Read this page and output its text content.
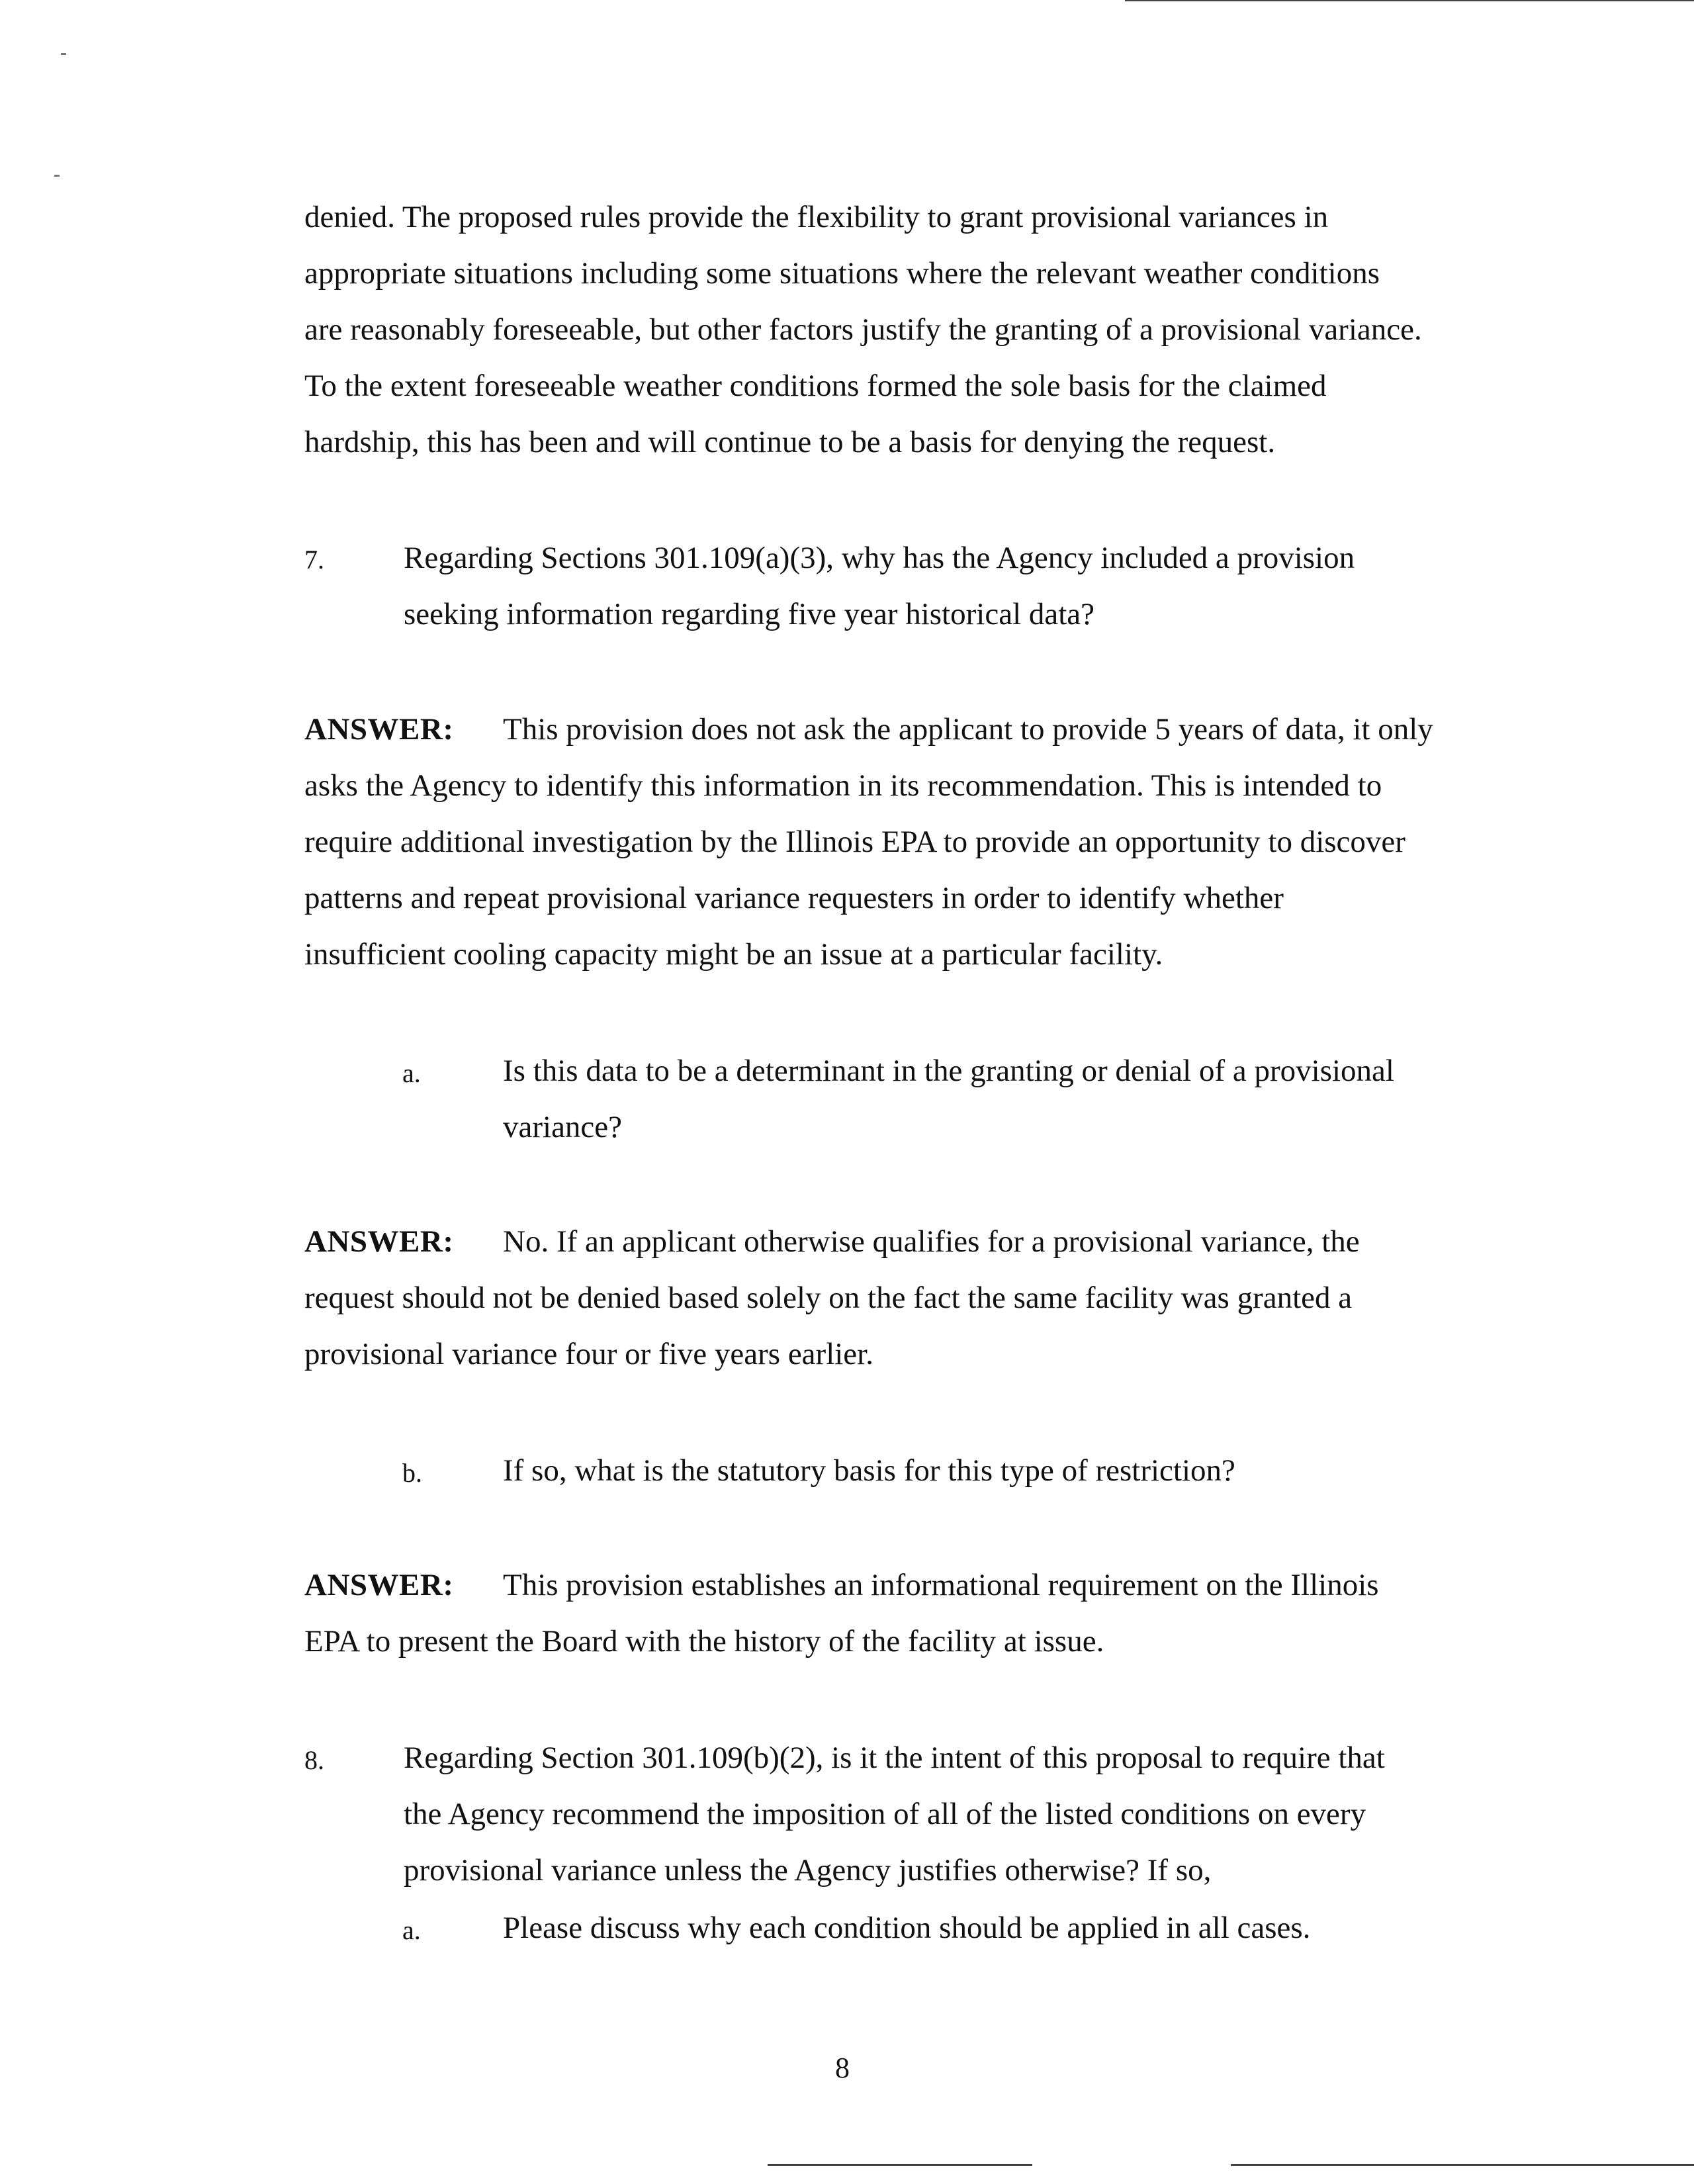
denied. The proposed rules provide the flexibility to grant provisional variances in
appropriate situations including some situations where the relevant weather conditions
are reasonably foreseeable, but other factors justify the granting of a provisional variance.
To the extent foreseeable weather conditions formed the sole basis for the claimed
hardship, this has been and will continue to be a basis for denying the request.
7.	Regarding Sections 301.109(a)(3), why has the Agency included a provision
seeking information regarding five year historical data?
ANSWER: This provision does not ask the applicant to provide 5 years of data, it only
asks the Agency to identify this information in its recommendation. This is intended to
require additional investigation by the Illinois EPA to provide an opportunity to discover
patterns and repeat provisional variance requesters in order to identify whether
insufficient cooling capacity might be an issue at a particular facility.
a.	Is this data to be a determinant in the granting or denial of a provisional
variance?
ANSWER: No. If an applicant otherwise qualifies for a provisional variance, the
request should not be denied based solely on the fact the same facility was granted a
provisional variance four or five years earlier.
b.	If so, what is the statutory basis for this type of restriction?
ANSWER: This provision establishes an informational requirement on the Illinois
EPA to present the Board with the history of the facility at issue.
8.	Regarding Section 301.109(b)(2), is it the intent of this proposal to require that
the Agency recommend the imposition of all of the listed conditions on every
provisional variance unless the Agency justifies otherwise? If so,
a.	Please discuss why each condition should be applied in all cases.
8
